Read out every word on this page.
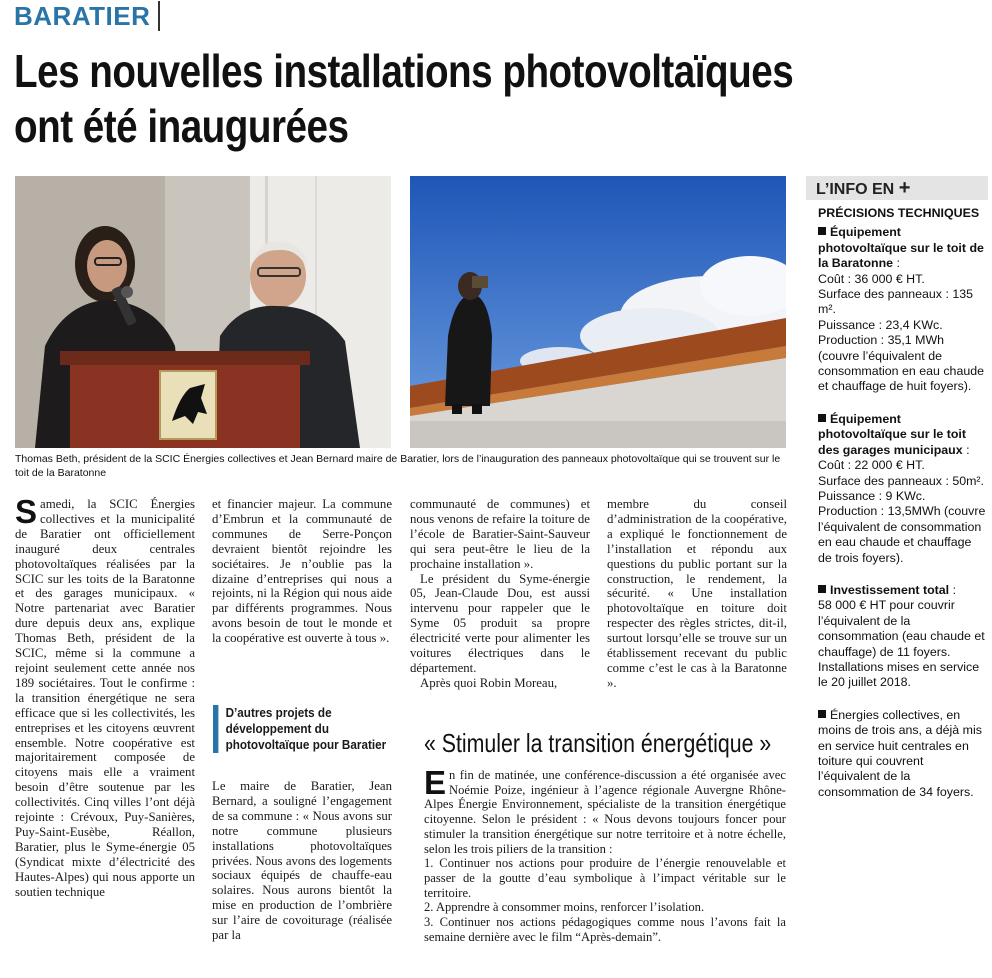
BARATIER
Les nouvelles installations photovoltaïques
ont été inaugurées
Thomas Beth, président de la SCIC Énergies collectives et Jean Bernard maire de Baratier, lors de l’inauguration des panneaux photovoltaïque qui se trouvent sur le toit de la Baratonne

Samedi, la SCIC Énergies collectives et la municipalité de Baratier ont officiellement inauguré deux centrales photovoltaïques réalisées par la SCIC sur les toits de la Baratonne et des garages municipaux. « Notre partenariat avec Baratier dure depuis deux ans, explique Thomas Beth, président de la SCIC, même si la commune a rejoint seulement cette année nos 189 sociétaires. Tout le confirme : la transition énergétique ne sera efficace que si les collectivités, les entreprises et les citoyens œuvrent ensemble. Notre coopérative est majoritairement composée de citoyens mais elle a vraiment besoin d’être soutenue par les collectivités. Cinq villes l’ont déjà rejointe : Crévoux, Puy-Sanières, Puy-Saint-Eusèbe, Réallon, Baratier, plus le Syme-énergie 05 (Syndicat mixte d’électricité des Hautes-Alpes) qui nous apporte un soutien technique

et financier majeur. La commune d’Embrun et la communauté de communes de Serre-Ponçon devraient bientôt rejoindre les sociétaires. Je n’oublie pas la dizaine d’entreprises qui nous a rejoints, ni la Région qui nous aide par différents programmes. Nous avons besoin de tout le monde et la coopérative est ouverte à tous ».

D’autres projets de développement du photovoltaïque pour Baratier

Le maire de Baratier, Jean Bernard, a souligné l’engagement de sa commune : « Nous avons sur notre commune plusieurs installations photovoltaïques privées. Nous avons des logements sociaux équipés de chauffe-eau solaires. Nous aurons bientôt la mise en production de l’ombrière sur l’aire de covoiturage (réalisée par la

communauté de communes) et nous venons de refaire la toiture de l’école de Baratier-Saint-Sauveur qui sera peut-être le lieu de la prochaine installation ».

Le président du Syme-énergie 05, Jean-Claude Dou, est aussi intervenu pour rappeler que le Syme 05 produit sa propre électricité verte pour alimenter les voitures électriques dans le département.

Après quoi Robin Moreau,

membre du conseil d’administration de la coopérative, a expliqué le fonctionnement de l’installation et répondu aux questions du public portant sur la construction, le rendement, la sécurité. « Une installation photovoltaïque en toiture doit respecter des règles strictes, dit-il, surtout lorsqu’elle se trouve sur un établissement recevant du public comme c’est le cas à la Baratonne ».

« Stimuler la transition énergétique »

En fin de matinée, une conférence-discussion a été organisée avec Noémie Poize, ingénieur à l’agence régionale Auvergne Rhône-Alpes Énergie Environnement, spécialiste de la transition énergétique citoyenne. Selon le président : « Nous devons toujours foncer pour stimuler la transition énergétique sur notre territoire et à notre échelle, selon les trois piliers de la transition :

1. Continuer nos actions pour produire de l’énergie renouvelable et passer de la goutte d’eau symbolique à l’impact véritable sur le territoire.

2. Apprendre à consommer moins, renforcer l’isolation.

3. Continuer nos actions pédagogiques comme nous l’avons fait la semaine dernière avec le film “Après-demain”.

L’INFO EN +
PRÉCISIONS TECHNIQUES
Équipement photovoltaïque sur le toit de la Baratonne :
Coût : 36 000 € HT.
Surface des panneaux : 135 m².
Puissance : 23,4 KWc.
Production : 35,1 MWh (couvre l’équivalent de consommation en eau chaude et chauffage de huit foyers).
Équipement photovoltaïque sur le toit des garages municipaux :
Coût : 22 000 € HT.
Surface des panneaux : 50m².
Puissance : 9 KWc.
Production : 13,5MWh (couvre l’équivalent de consommation en eau chaude et chauffage de trois foyers).
Investissement total :
58 000 € HT pour couvrir l’équivalent de la consommation (eau chaude et chauffage) de 11 foyers.
Installations mises en service le 20 juillet 2018.
Énergies collectives, en moins de trois ans, a déjà mis en service huit centrales en toiture qui couvrent l’équivalent de la consommation de 34 foyers.
